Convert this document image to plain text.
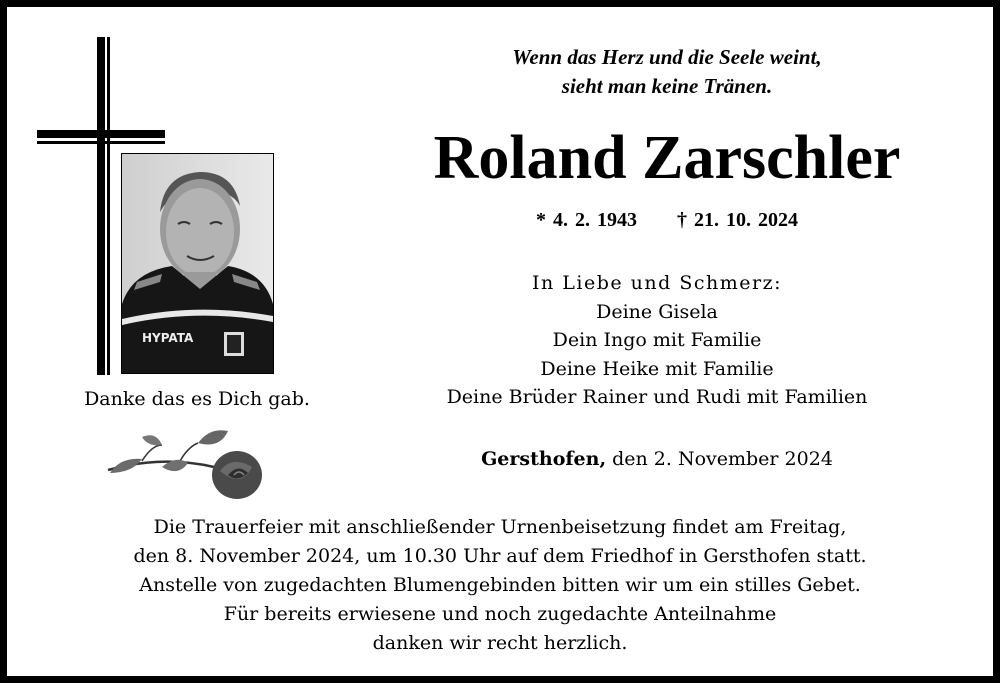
HYPATA
Danke das es Dich gab.
Wenn das Herz und die Seele weint,
sieht man keine Tränen.
Roland Zarschler
* 4. 2. 1943 † 21. 10. 2024
In Liebe und Schmerz:
Deine Gisela
Dein Ingo mit Familie
Deine Heike mit Familie
Deine Brüder Rainer und Rudi mit Familien
Gersthofen, den 2. November 2024
Die Trauerfeier mit anschließender Urnenbeisetzung findet am Freitag,
den 8. November 2024, um 10.30 Uhr auf dem Friedhof in Gersthofen statt.
Anstelle von zugedachten Blumengebinden bitten wir um ein stilles Gebet.
Für bereits erwiesene und noch zugedachte Anteilnahme
danken wir recht herzlich.
